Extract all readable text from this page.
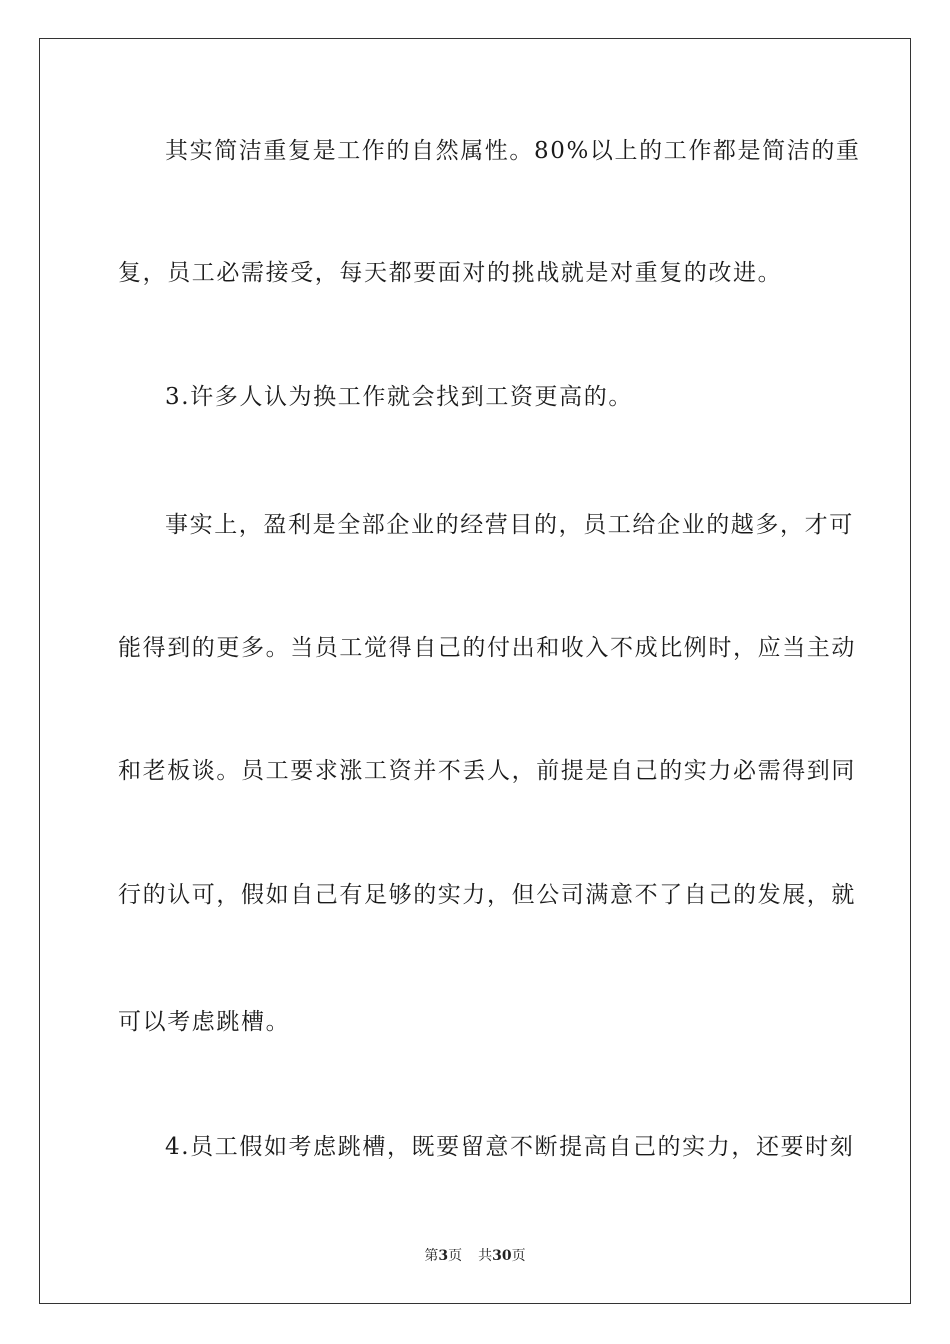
其实简洁重复是工作的自然属性。80%以上的工作都是简洁的重
复，员工必需接受，每天都要面对的挑战就是对重复的改进。
3.许多人认为换工作就会找到工资更高的。
事实上，盈利是全部企业的经营目的，员工给企业的越多，才可
能得到的更多。当员工觉得自己的付出和收入不成比例时，应当主动
和老板谈。员工要求涨工资并不丢人，前提是自己的实力必需得到同
行的认可，假如自己有足够的实力，但公司满意不了自己的发展，就
可以考虑跳槽。
4.员工假如考虑跳槽，既要留意不断提高自己的实力，还要时刻
第3页 共30页
